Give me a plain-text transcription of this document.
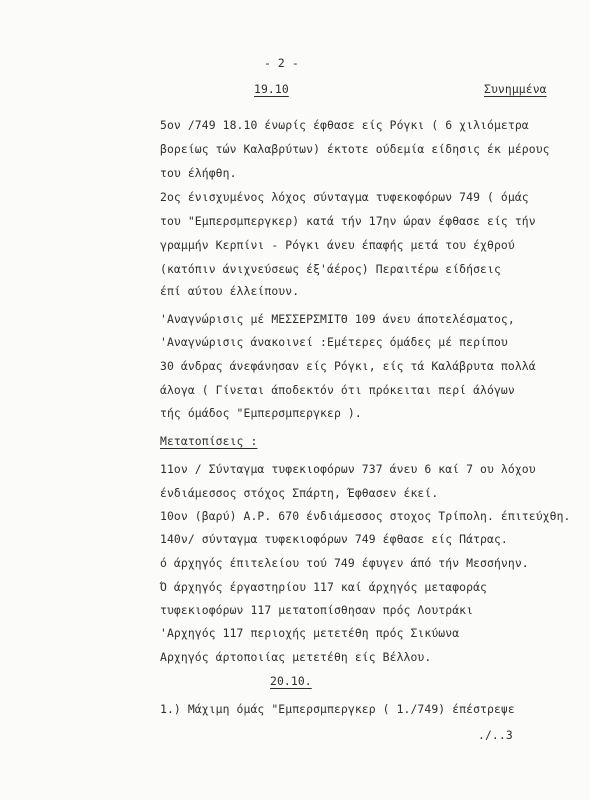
- 2 -

19.10	Συνημμένα

5ον /749 18.10 ένωρίς έφθασε είς Ρόγκι ( 6 χιλιόμετρα

βορείως τών Καλαβρύτων) έκτοτε ούδεμία είδησις έκ μέρους

του έλήφθη.

2ος ένισχυμένος λόχος σύνταγμα τυφεκοφόρων 749 ( όμάς

του "Εμπερσμπεργκερ) κατά τήν 17ην ώραν έφθασε είς τήν

γραμμήν Κερπίνι - Ρόγκι άνευ έπαφής μετά του έχθρού

(κατόπιν άνιχνεύσεως έξ'άέρος) Περαιτέρω είδήσεις

έπί αύτου έλλείπουν.

'Αναγνώρισις μέ ΜΕΣΣΕΡΣΜΙΤΘ 109 άνευ άποτελέσματος,

'Αναγνώρισις άνακοινεί :Εμέτερες όμάδες μέ περίπου

30 άνδρας άνεφάνησαν είς Ρόγκι, είς τά Καλάβρυτα πολλά

άλογα ( Γίνεται άποδεκτόν ότι πρόκειται περί άλόγων

τής όμάδος "Εμπερσμπεργκερ ).

Μετατοπίσεις :

11ον / Σύνταγμα τυφεκιοφόρων 737 άνευ 6 καί 7 ου λόχου

ένδιάμεσσος στόχος Σπάρτη, Έφθασεν έκεί.

10ον (βαρύ) Α.Ρ. 670 ένδιάμεσσος στοχος Τρίπολη. έπιτεύχθη.

140ν/ σύνταγμα τυφεκιοφόρων 749 έφθασε είς Πάτρας.

ό άρχηγός έπιτελείου τού 749 έφυγεν άπό τήν Μεσσήνην.

Ό άρχηγός έργαστηρίου 117 καί άρχηγός μεταφοράς

τυφεκιοφόρων 117 μετατοπίσθησαν πρός Λουτράκι

'Αρχηγός 117 περιοχής μετετέθη πρός Σικύωνα

Αρχηγός άρτοποιίας μετετέθη είς Βέλλου.

20.10.

1.) Μάχιμη όμάς "Εμπερσμπεργκερ ( 1./749) έπέστρεψε

./..3
